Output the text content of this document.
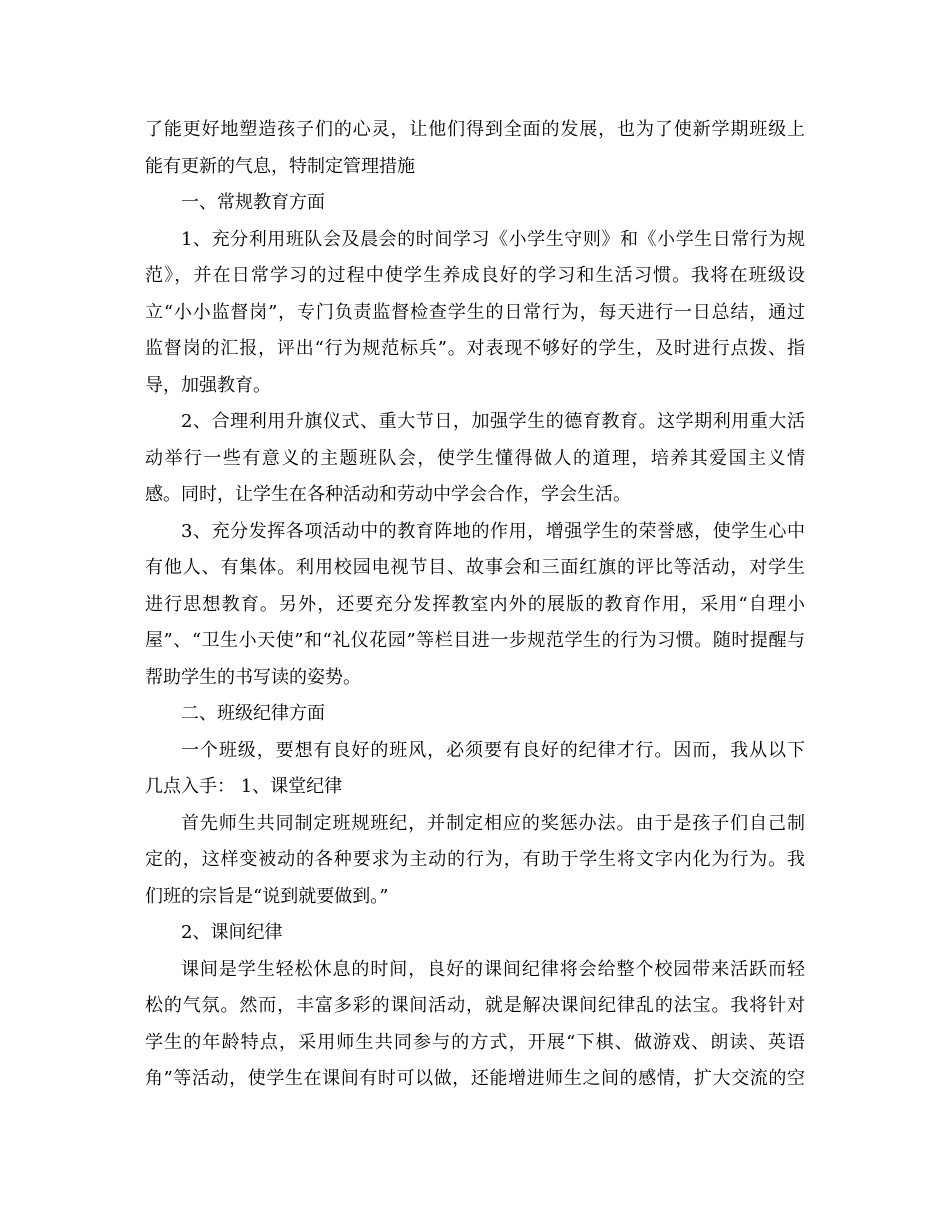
了能更好地塑造孩子们的心灵，让他们得到全面的发展，也为了使新学期班级上
能有更新的气息，特制定管理措施
一、常规教育方面
1、充分利用班队会及晨会的时间学习《小学生守则》和《小学生日常行为规
范》，并在日常学习的过程中使学生养成良好的学习和生活习惯。我将在班级设
立“小小监督岗”，专门负责监督检查学生的日常行为，每天进行一日总结，通过
监督岗的汇报，评出“行为规范标兵”。对表现不够好的学生，及时进行点拨、指
导，加强教育。
2、合理利用升旗仪式、重大节日，加强学生的德育教育。这学期利用重大活
动举行一些有意义的主题班队会，使学生懂得做人的道理，培养其爱国主义情
感。同时，让学生在各种活动和劳动中学会合作，学会生活。
3、充分发挥各项活动中的教育阵地的作用，增强学生的荣誉感，使学生心中
有他人、有集体。利用校园电视节目、故事会和三面红旗的评比等活动，对学生
进行思想教育。另外，还要充分发挥教室内外的展版的教育作用，采用“自理小
屋”、“卫生小天使”和“礼仪花园”等栏目进一步规范学生的行为习惯。随时提醒与
帮助学生的书写读的姿势。
二、班级纪律方面
一个班级，要想有良好的班风，必须要有良好的纪律才行。因而，我从以下
几点入手： 1、课堂纪律
首先师生共同制定班规班纪，并制定相应的奖惩办法。由于是孩子们自己制
定的，这样变被动的各种要求为主动的行为，有助于学生将文字内化为行为。我
们班的宗旨是“说到就要做到。”
2、课间纪律
课间是学生轻松休息的时间，良好的课间纪律将会给整个校园带来活跃而轻
松的气氛。然而，丰富多彩的课间活动，就是解决课间纪律乱的法宝。我将针对
学生的年龄特点，采用师生共同参与的方式，开展“下棋、做游戏、朗读、英语
角”等活动，使学生在课间有时可以做，还能增进师生之间的感情，扩大交流的空
